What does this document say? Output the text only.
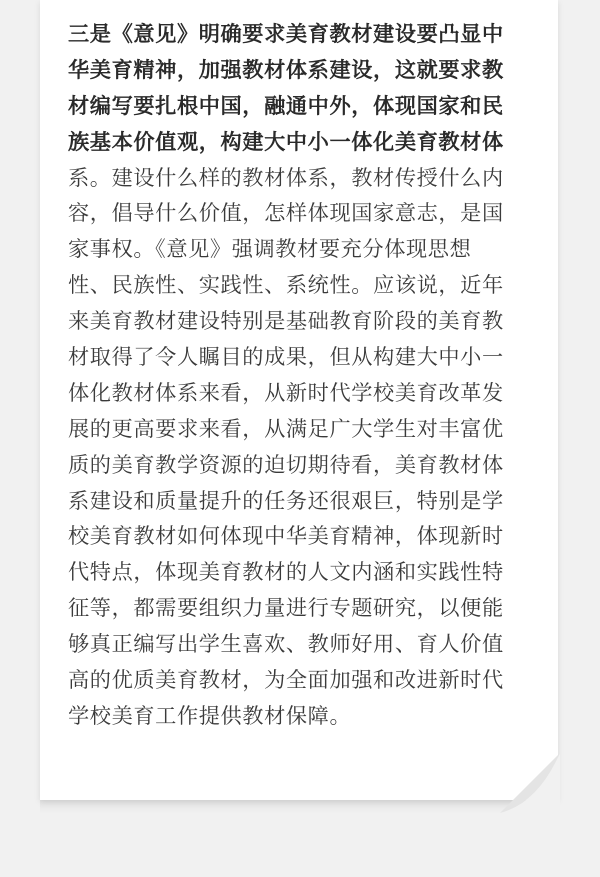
三是《意见》明确要求美育教材建设要凸显中
华美育精神，加强教材体系建设，这就要求教
材编写要扎根中国，融通中外，体现国家和民
族基本价值观，构建大中小一体化美育教材体
系。建设什么样的教材体系，教材传授什么内
容，倡导什么价值，怎样体现国家意志，是国
家事权。《意见》强调教材要充分体现思想
性、民族性、实践性、系统性。应该说，近年
来美育教材建设特别是基础教育阶段的美育教
材取得了令人瞩目的成果，但从构建大中小一
体化教材体系来看，从新时代学校美育改革发
展的更高要求来看，从满足广大学生对丰富优
质的美育教学资源的迫切期待看，美育教材体
系建设和质量提升的任务还很艰巨，特别是学
校美育教材如何体现中华美育精神，体现新时
代特点，体现美育教材的人文内涵和实践性特
征等，都需要组织力量进行专题研究，以便能
够真正编写出学生喜欢、教师好用、育人价值
高的优质美育教材，为全面加强和改进新时代
学校美育工作提供教材保障。
